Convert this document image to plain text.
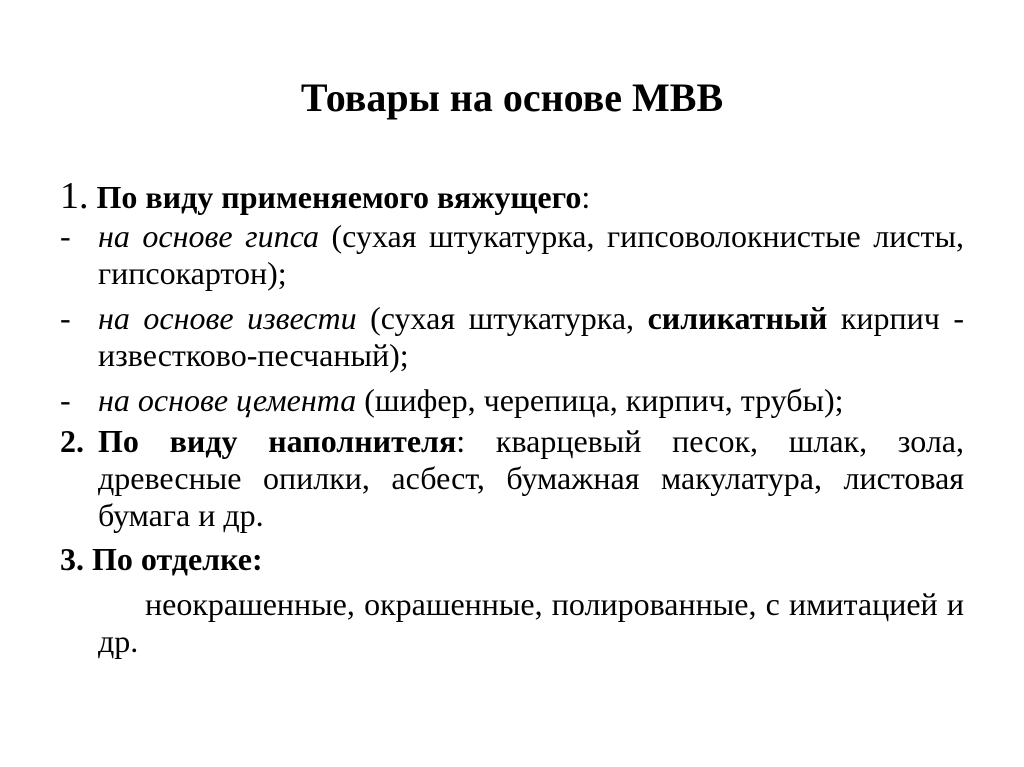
Товары на основе МВВ

1. По виду применяемого вяжущего:

- на основе гипса (сухая штукатурка, гипсоволокнистые листы, гипсокартон);

- на основе извести (сухая штукатурка, силикатный кирпич - известково-песчаный);

- на основе цемента (шифер, черепица, кирпич, трубы);

2. По виду наполнителя: кварцевый песок, шлак, зола, древесные опилки, асбест, бумажная макулатура, листовая бумага и др.

3. По отделке:

неокрашенные, окрашенные, полированные, с имитацией и др.
